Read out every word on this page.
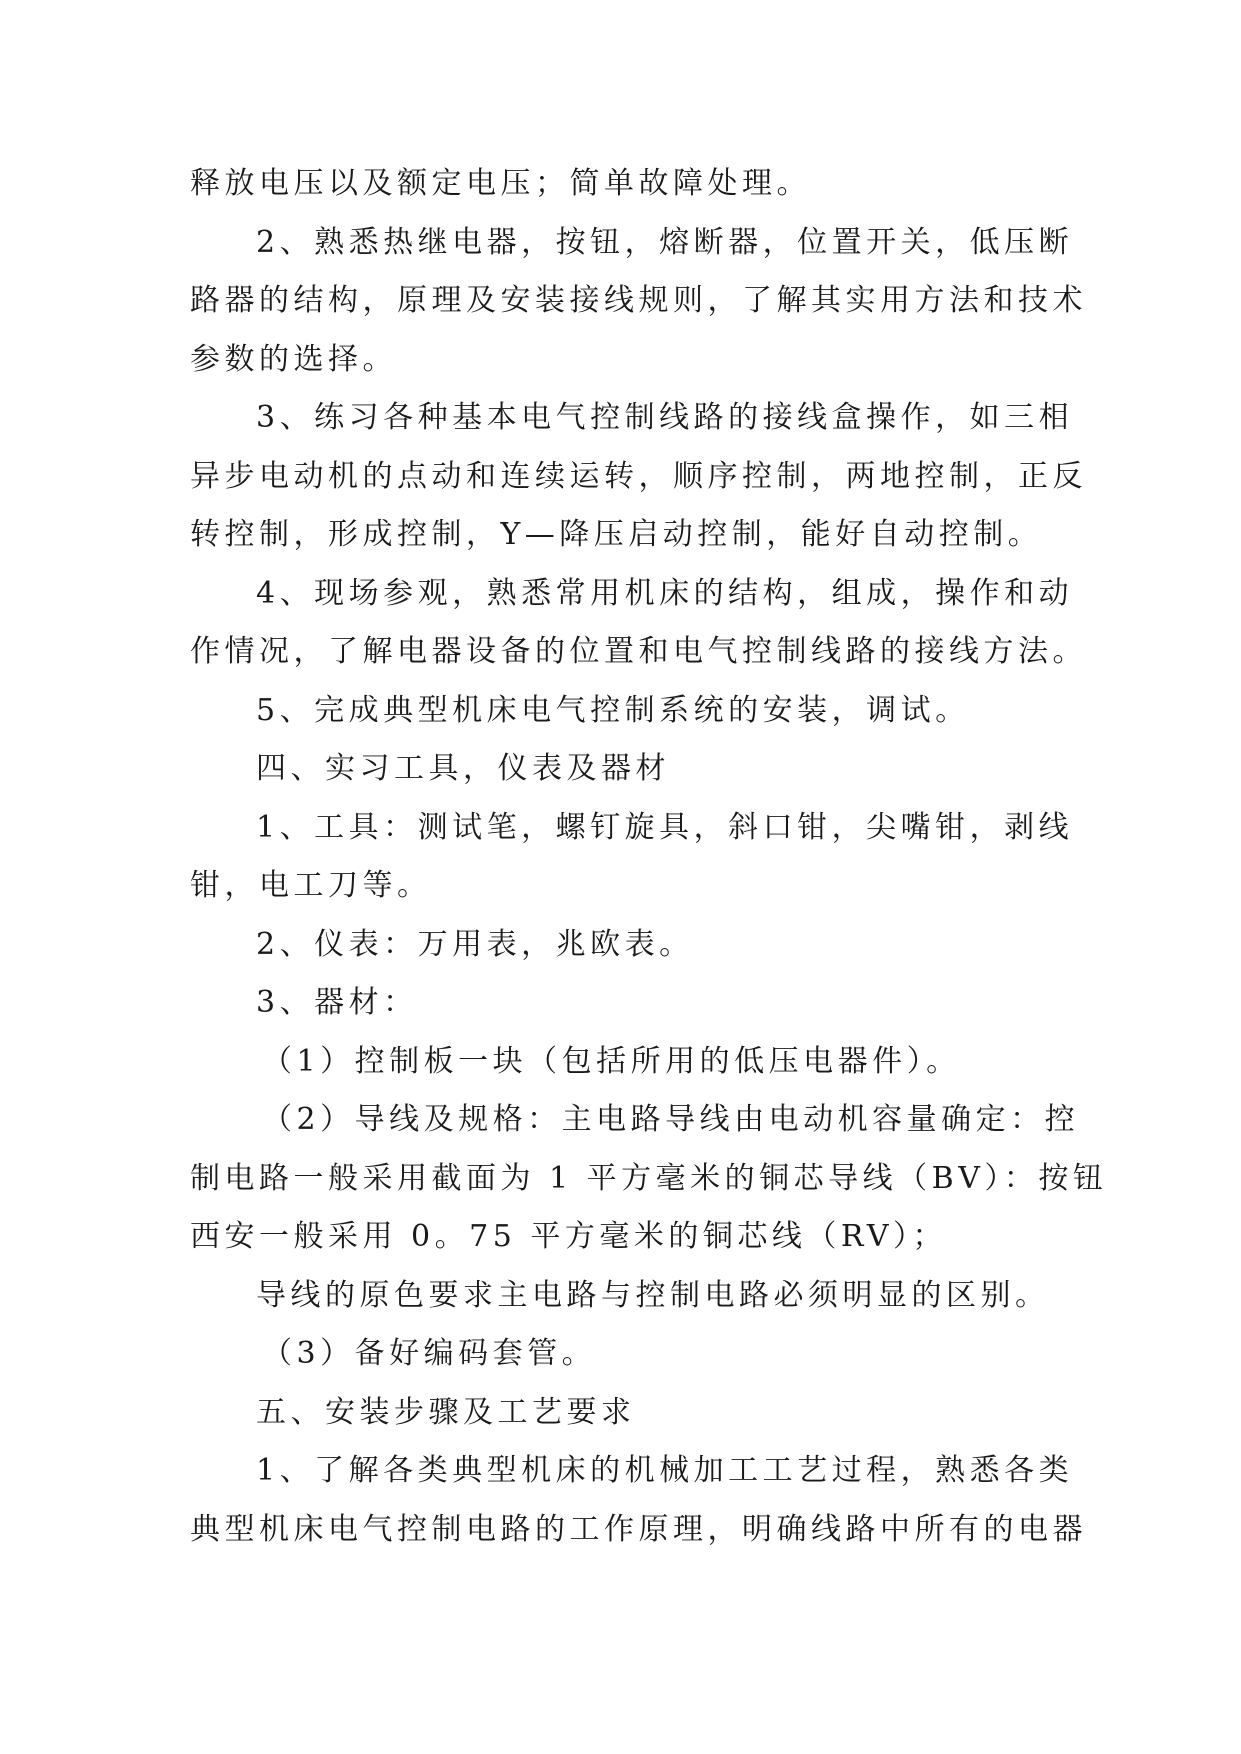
释放电压以及额定电压；简单故障处理。
2、熟悉热继电器，按钮，熔断器，位置开关，低压断
路器的结构，原理及安装接线规则，了解其实用方法和技术
参数的选择。
3、练习各种基本电气控制线路的接线盒操作，如三相
异步电动机的点动和连续运转，顺序控制，两地控制，正反
转控制，形成控制，Y—降压启动控制，能好自动控制。
4、现场参观，熟悉常用机床的结构，组成，操作和动
作情况，了解电器设备的位置和电气控制线路的接线方法。
5、完成典型机床电气控制系统的安装，调试。
四、实习工具，仪表及器材
1、工具：测试笔，螺钉旋具，斜口钳，尖嘴钳，剥线
钳，电工刀等。
2、仪表：万用表，兆欧表。
3、器材：
（1）控制板一块（包括所用的低压电器件）。
（2）导线及规格：主电路导线由电动机容量确定：控
制电路一般采用截面为 1 平方毫米的铜芯导线（BV）：按钮
西安一般采用 0。75 平方毫米的铜芯线（RV）；
导线的原色要求主电路与控制电路必须明显的区别。
（3）备好编码套管。
五、安装步骤及工艺要求
1、了解各类典型机床的机械加工工艺过程，熟悉各类
典型机床电气控制电路的工作原理，明确线路中所有的电器
